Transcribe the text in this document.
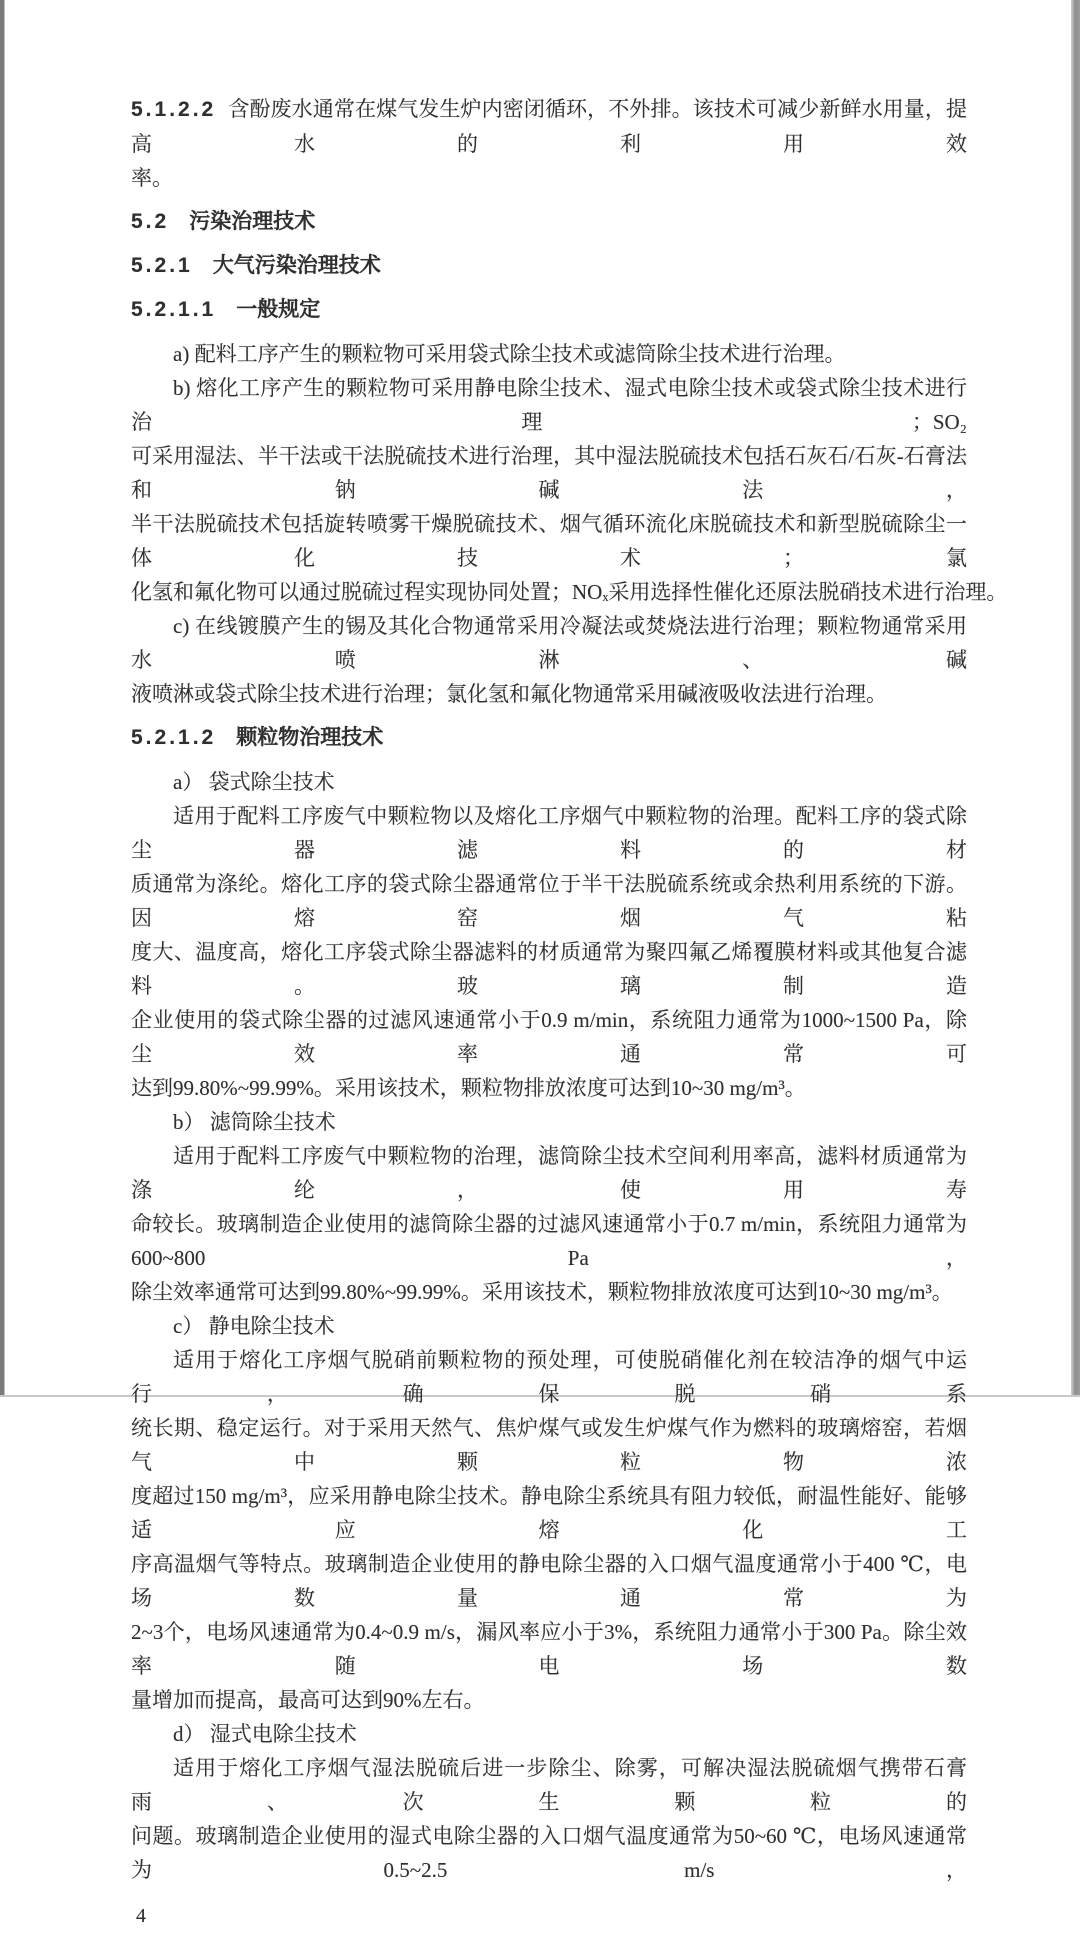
5.1.2.2 含酚废水通常在煤气发生炉内密闭循环，不外排。该技术可减少新鲜水用量，提高水的利用效
率。
5.2 污染治理技术
5.2.1 大气污染治理技术
5.2.1.1 一般规定
a) 配料工序产生的颗粒物可采用袋式除尘技术或滤筒除尘技术进行治理。
b) 熔化工序产生的颗粒物可采用静电除尘技术、湿式电除尘技术或袋式除尘技术进行治理；SO₂
可采用湿法、半干法或干法脱硫技术进行治理，其中湿法脱硫技术包括石灰石/石灰-石膏法和钠碱法，
半干法脱硫技术包括旋转喷雾干燥脱硫技术、烟气循环流化床脱硫技术和新型脱硫除尘一体化技术；氯
化氢和氟化物可以通过脱硫过程实现协同处置；NOₓ采用选择性催化还原法脱硝技术进行治理。
c) 在线镀膜产生的锡及其化合物通常采用冷凝法或焚烧法进行治理；颗粒物通常采用水喷淋、碱
液喷淋或袋式除尘技术进行治理；氯化氢和氟化物通常采用碱液吸收法进行治理。
5.2.1.2 颗粒物治理技术
a） 袋式除尘技术
适用于配料工序废气中颗粒物以及熔化工序烟气中颗粒物的治理。配料工序的袋式除尘器滤料的材
质通常为涤纶。熔化工序的袋式除尘器通常位于半干法脱硫系统或余热利用系统的下游。因熔窑烟气粘
度大、温度高，熔化工序袋式除尘器滤料的材质通常为聚四氟乙烯覆膜材料或其他复合滤料。玻璃制造
企业使用的袋式除尘器的过滤风速通常小于0.9 m/min，系统阻力通常为1000~1500 Pa，除尘效率通常可
达到99.80%~99.99%。采用该技术，颗粒物排放浓度可达到10~30 mg/m³。
b） 滤筒除尘技术
适用于配料工序废气中颗粒物的治理，滤筒除尘技术空间利用率高，滤料材质通常为涤纶，使用寿
命较长。玻璃制造企业使用的滤筒除尘器的过滤风速通常小于0.7 m/min，系统阻力通常为600~800 Pa，
除尘效率通常可达到99.80%~99.99%。采用该技术，颗粒物排放浓度可达到10~30 mg/m³。
c） 静电除尘技术
适用于熔化工序烟气脱硝前颗粒物的预处理，可使脱硝催化剂在较洁净的烟气中运行，确保脱硝系
统长期、稳定运行。对于采用天然气、焦炉煤气或发生炉煤气作为燃料的玻璃熔窑，若烟气中颗粒物浓
度超过150 mg/m³，应采用静电除尘技术。静电除尘系统具有阻力较低，耐温性能好、能够适应熔化工
序高温烟气等特点。玻璃制造企业使用的静电除尘器的入口烟气温度通常小于400 ℃，电场数量通常为
2~3个，电场风速通常为0.4~0.9 m/s，漏风率应小于3%，系统阻力通常小于300 Pa。除尘效率随电场数
量增加而提高，最高可达到90%左右。
d） 湿式电除尘技术
适用于熔化工序烟气湿法脱硫后进一步除尘、除雾，可解决湿法脱硫烟气携带石膏雨、次生颗粒的
问题。玻璃制造企业使用的湿式电除尘器的入口烟气温度通常为50~60 ℃，电场风速通常为0.5~2.5 m/s，
4
